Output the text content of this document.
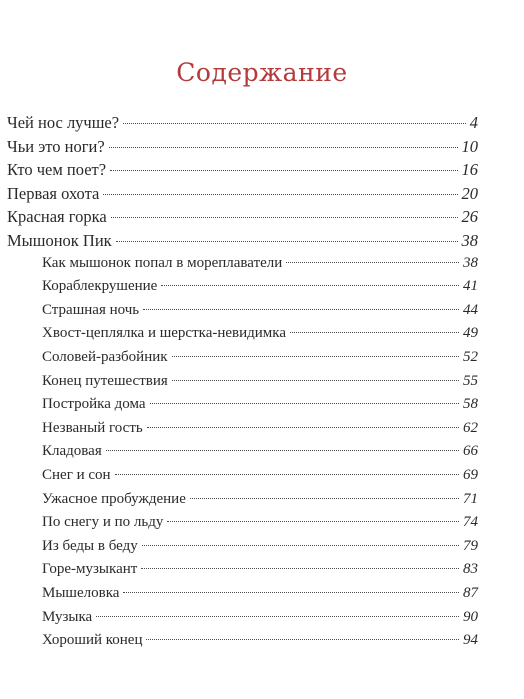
Содержание
Чей нос лучше?	4
Чьи это ноги?	10
Кто чем поет?	16
Первая охота	20
Красная горка	26
Мышонок Пик	38
Как мышонок попал в мореплаватели	38
Кораблекрушение	41
Страшная ночь	44
Хвост-цеплялка и шерстка-невидимка	49
Соловей-разбойник	52
Конец путешествия	55
Постройка дома	58
Незваный гость	62
Кладовая	66
Снег и сон	69
Ужасное пробуждение	71
По снегу и по льду	74
Из беды в беду	79
Горе-музыкант	83
Мышеловка	87
Музыка	90
Хороший конец	94
